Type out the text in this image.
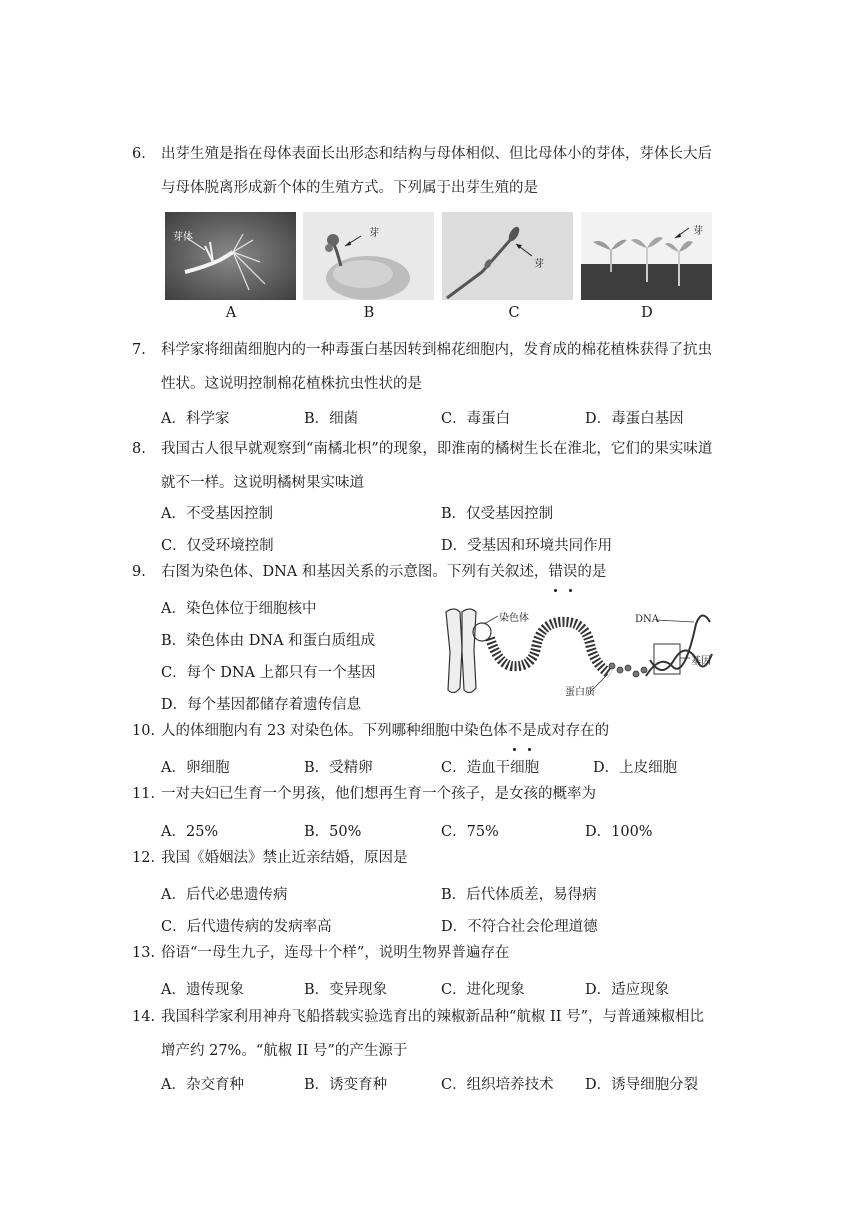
6. 出芽生殖是指在母体表面长出形态和结构与母体相似、但比母体小的芽体，芽体长大后
与母体脱离形成新个体的生殖方式。下列属于出芽生殖的是
芽体	芽
芽
芽
A	B	C	D
7. 科学家将细菌细胞内的一种毒蛋白基因转到棉花细胞内，发育成的棉花植株获得了抗虫
性状。这说明控制棉花植株抗虫性状的是
A．科学家	B．细菌	C．毒蛋白	D．毒蛋白基因
8. 我国古人很早就观察到“南橘北枳”的现象，即淮南的橘树生长在淮北，它们的果实味道
就不一样。这说明橘树果实味道
A．不受基因控制	B．仅受基因控制
C．仅受环境控制	D．受基因和环境共同作用
9. 右图为染色体、DNA 和基因关系的示意图。下列有关叙述，错误的是
A．染色体位于细胞核中
B．染色体由 DNA 和蛋白质组成
C．每个 DNA 上都只有一个基因
D．每个基因都储存着遗传信息
染色体	DNA
基因
蛋白质
10. 人的体细胞内有 23 对染色体。下列哪种细胞中染色体不是成对存在的
A．卵细胞	B．受精卵	C．造血干细胞	D．上皮细胞
11. 一对夫妇已生育一个男孩，他们想再生育一个孩子，是女孩的概率为
A．25%	B．50%	C．75%	D．100%
12. 我国《婚姻法》禁止近亲结婚，原因是
A．后代必患遗传病	B．后代体质差，易得病
C．后代遗传病的发病率高	D．不符合社会伦理道德
13. 俗语“一母生九子，连母十个样”，说明生物界普遍存在
A．遗传现象	B．变异现象	C．进化现象	D．适应现象
14. 我国科学家利用神舟飞船搭载实验选育出的辣椒新品种“航椒 II 号”，与普通辣椒相比
增产约 27%。“航椒 II 号”的产生源于
A．杂交育种	B．诱变育种	C．组织培养技术 D．诱导细胞分裂
